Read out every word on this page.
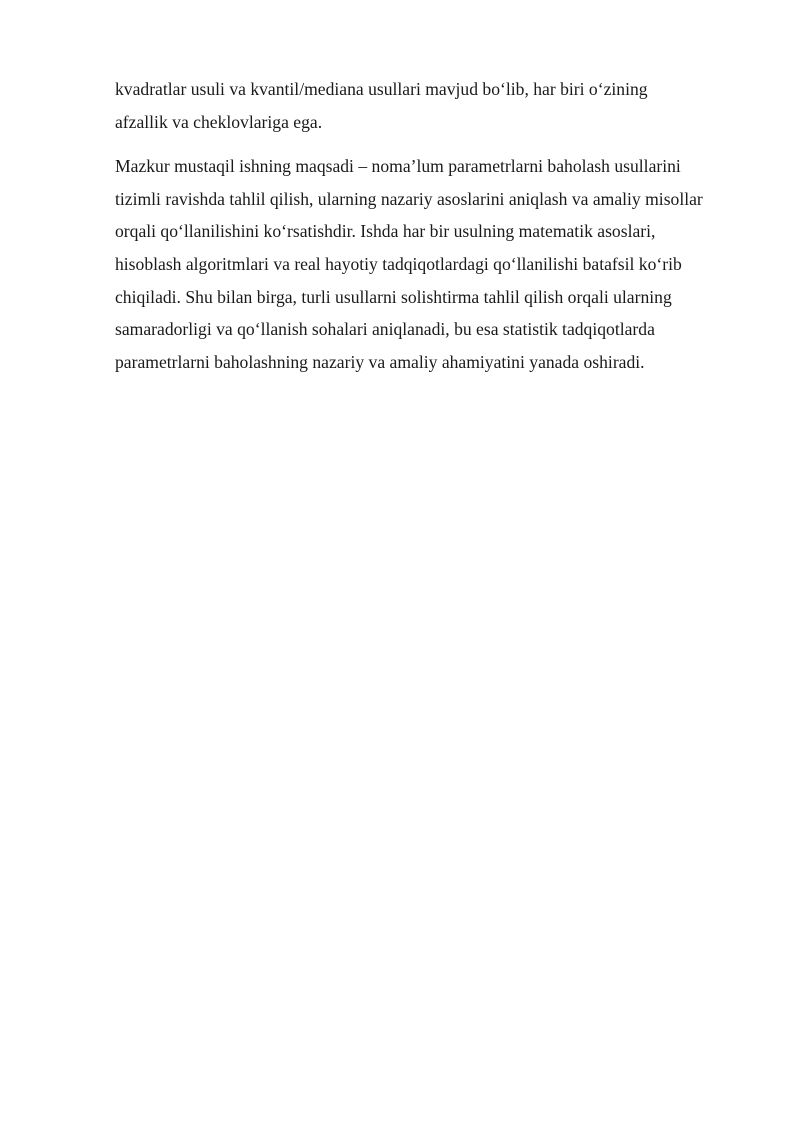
kvadratlar usuli va kvantil/mediana usullari mavjud bo‘lib, har biri o‘zining
afzallik va cheklovlariga ega.

Mazkur mustaqil ishning maqsadi – noma’lum parametrlarni baholash usullarini
tizimli ravishda tahlil qilish, ularning nazariy asoslarini aniqlash va amaliy misollar
orqali qo‘llanilishini ko‘rsatishdir. Ishda har bir usulning matematik asoslari,
hisoblash algoritmlari va real hayotiy tadqiqotlardagi qo‘llanilishi batafsil ko‘rib
chiqiladi. Shu bilan birga, turli usullarni solishtirma tahlil qilish orqali ularning
samaradorligi va qo‘llanish sohalari aniqlanadi, bu esa statistik tadqiqotlarda
parametrlarni baholashning nazariy va amaliy ahamiyatini yanada oshiradi.
